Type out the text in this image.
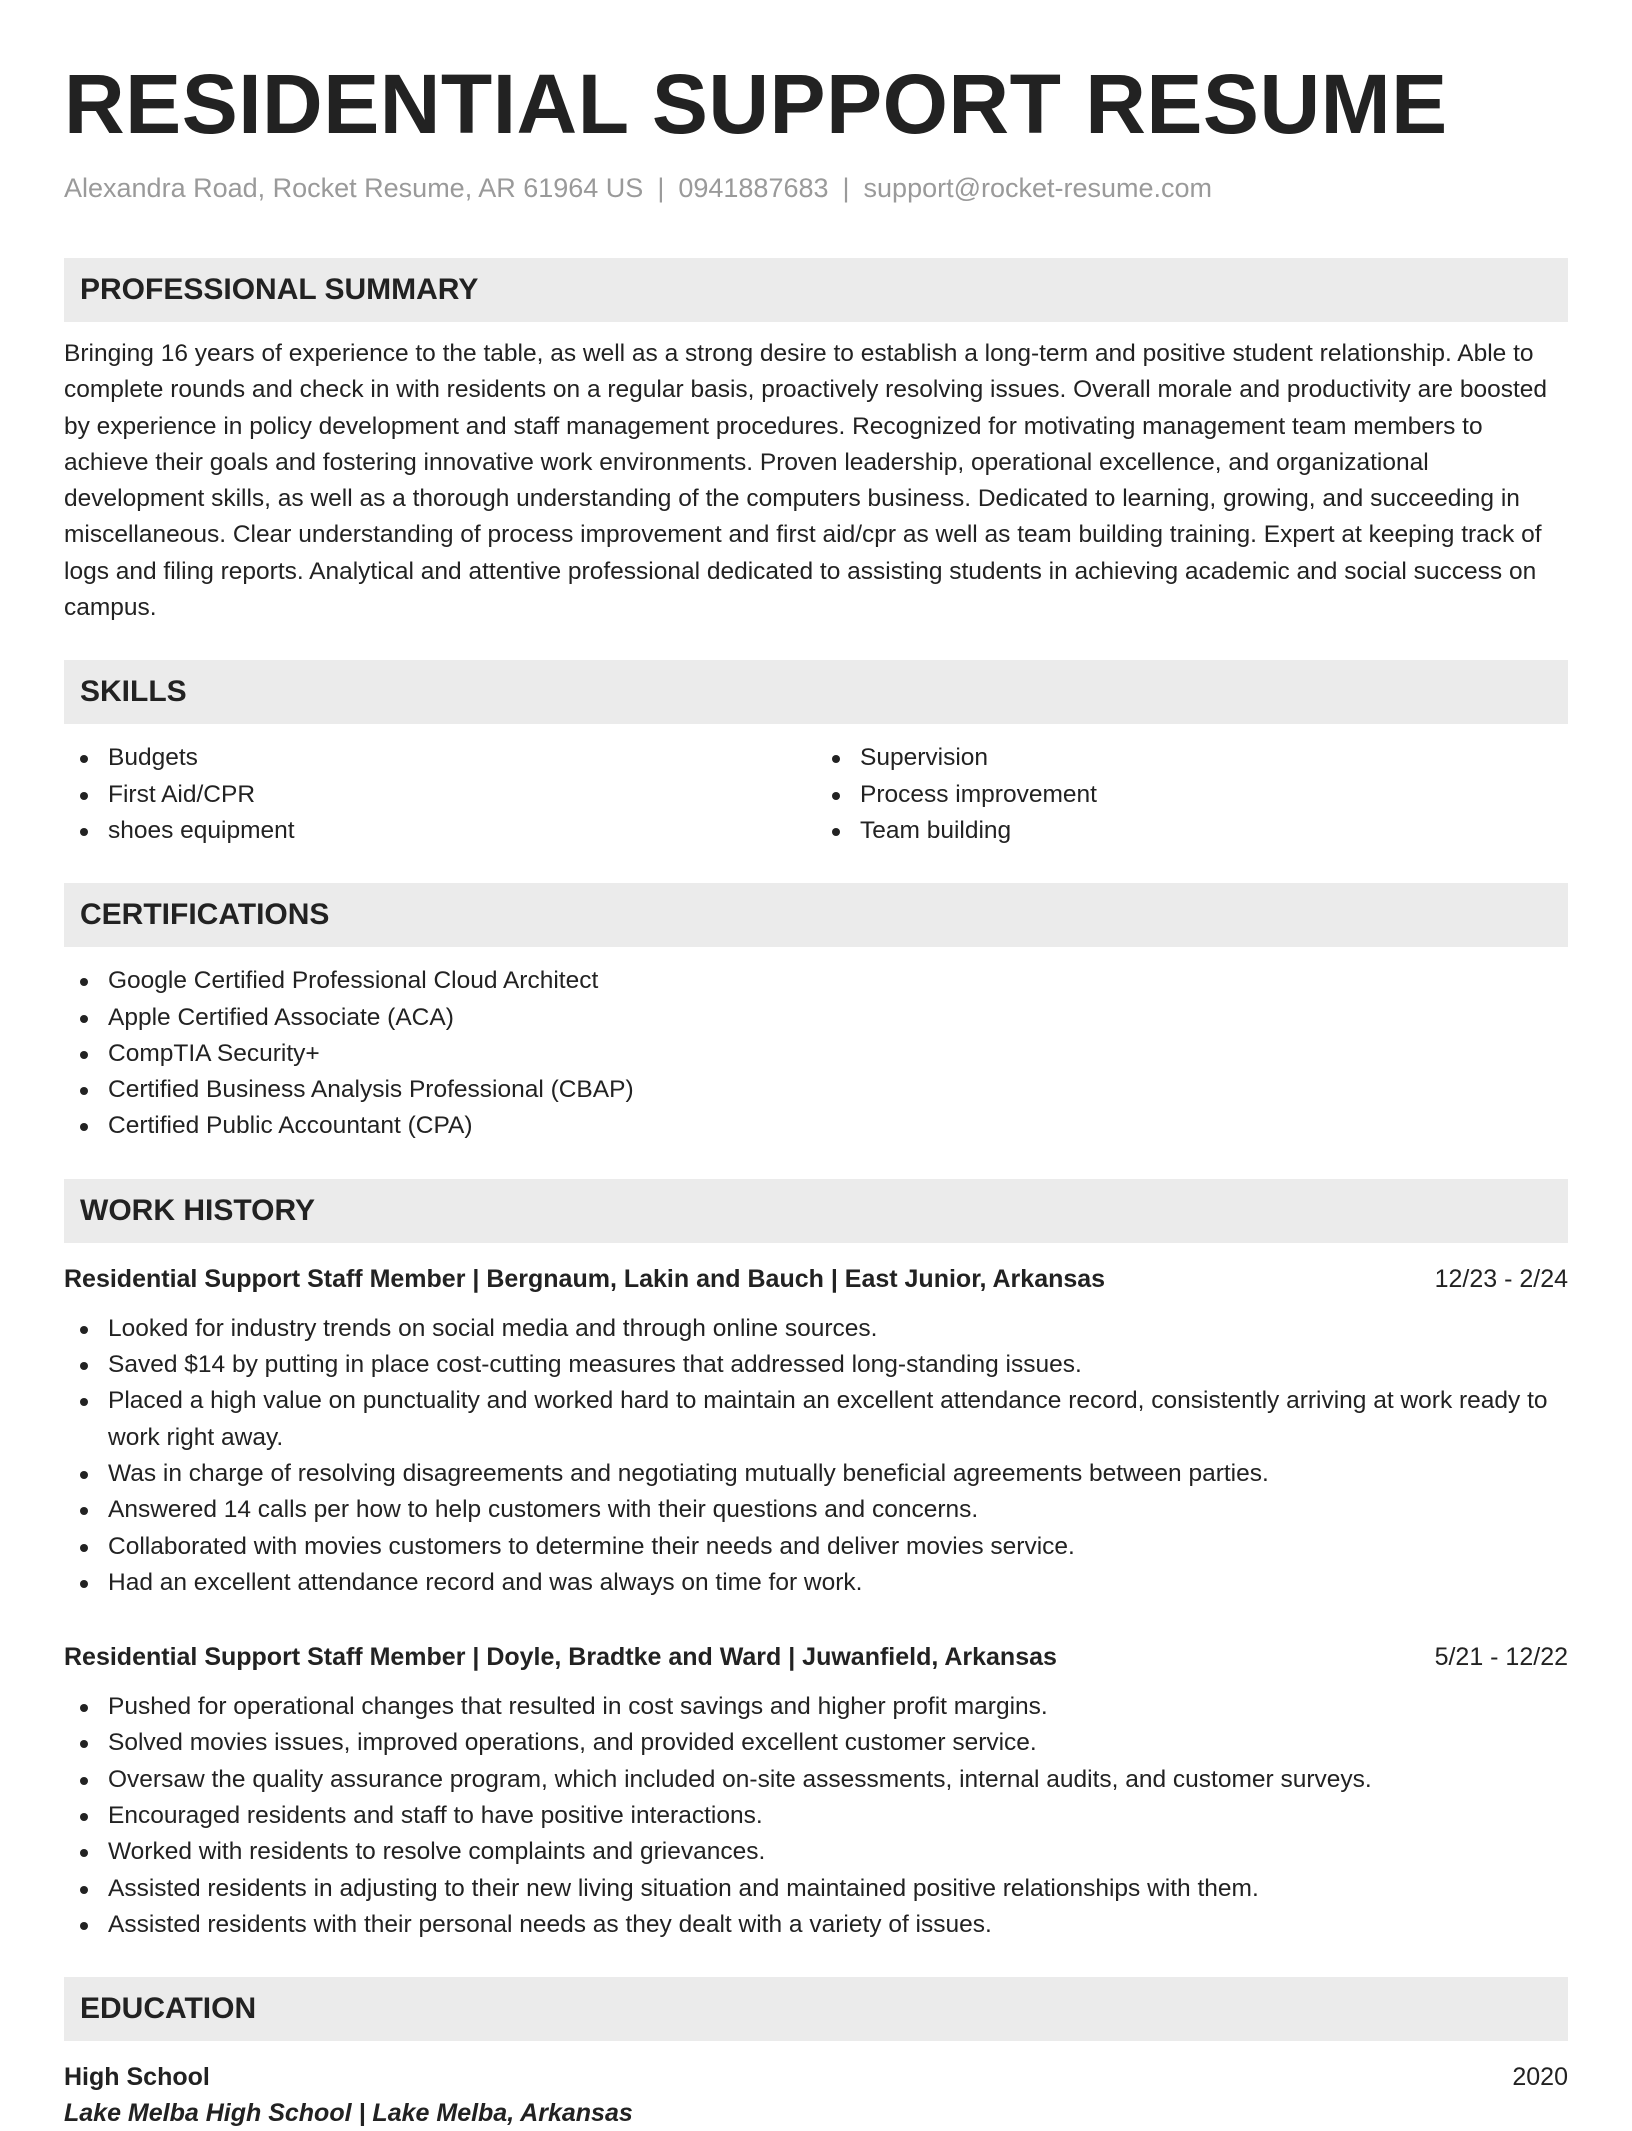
RESIDENTIAL SUPPORT RESUME
Alexandra Road, Rocket Resume, AR 61964 US | 0941887683 | support@rocket-resume.com
PROFESSIONAL SUMMARY

Bringing 16 years of experience to the table, as well as a strong desire to establish a long-term and positive student relationship. Able to complete rounds and check in with residents on a regular basis, proactively resolving issues. Overall morale and productivity are boosted by experience in policy development and staff management procedures. Recognized for motivating management team members to achieve their goals and fostering innovative work environments. Proven leadership, operational excellence, and organizational development skills, as well as a thorough understanding of the computers business. Dedicated to learning, growing, and succeeding in miscellaneous. Clear understanding of process improvement and first aid/cpr as well as team building training. Expert at keeping track of logs and filing reports. Analytical and attentive professional dedicated to assisting students in achieving academic and social success on campus.

SKILLS
Budgets
First Aid/CPR
shoes equipment
Supervision
Process improvement
Team building
CERTIFICATIONS
Google Certified Professional Cloud Architect
Apple Certified Associate (ACA)
CompTIA Security+
Certified Business Analysis Professional (CBAP)
Certified Public Accountant (CPA)
WORK HISTORY
Residential Support Staff Member | Bergnaum, Lakin and Bauch | East Junior, Arkansas	12/23 - 2/24
Looked for industry trends on social media and through online sources.
Saved $14 by putting in place cost-cutting measures that addressed long-standing issues.
Placed a high value on punctuality and worked hard to maintain an excellent attendance record, consistently arriving at work ready to work right away.
Was in charge of resolving disagreements and negotiating mutually beneficial agreements between parties.
Answered 14 calls per how to help customers with their questions and concerns.
Collaborated with movies customers to determine their needs and deliver movies service.
Had an excellent attendance record and was always on time for work.
Residential Support Staff Member | Doyle, Bradtke and Ward | Juwanfield, Arkansas	5/21 - 12/22
Pushed for operational changes that resulted in cost savings and higher profit margins.
Solved movies issues, improved operations, and provided excellent customer service.
Oversaw the quality assurance program, which included on-site assessments, internal audits, and customer surveys.
Encouraged residents and staff to have positive interactions.
Worked with residents to resolve complaints and grievances.
Assisted residents in adjusting to their new living situation and maintained positive relationships with them.
Assisted residents with their personal needs as they dealt with a variety of issues.
EDUCATION
High School	2020
Lake Melba High School | Lake Melba, Arkansas
